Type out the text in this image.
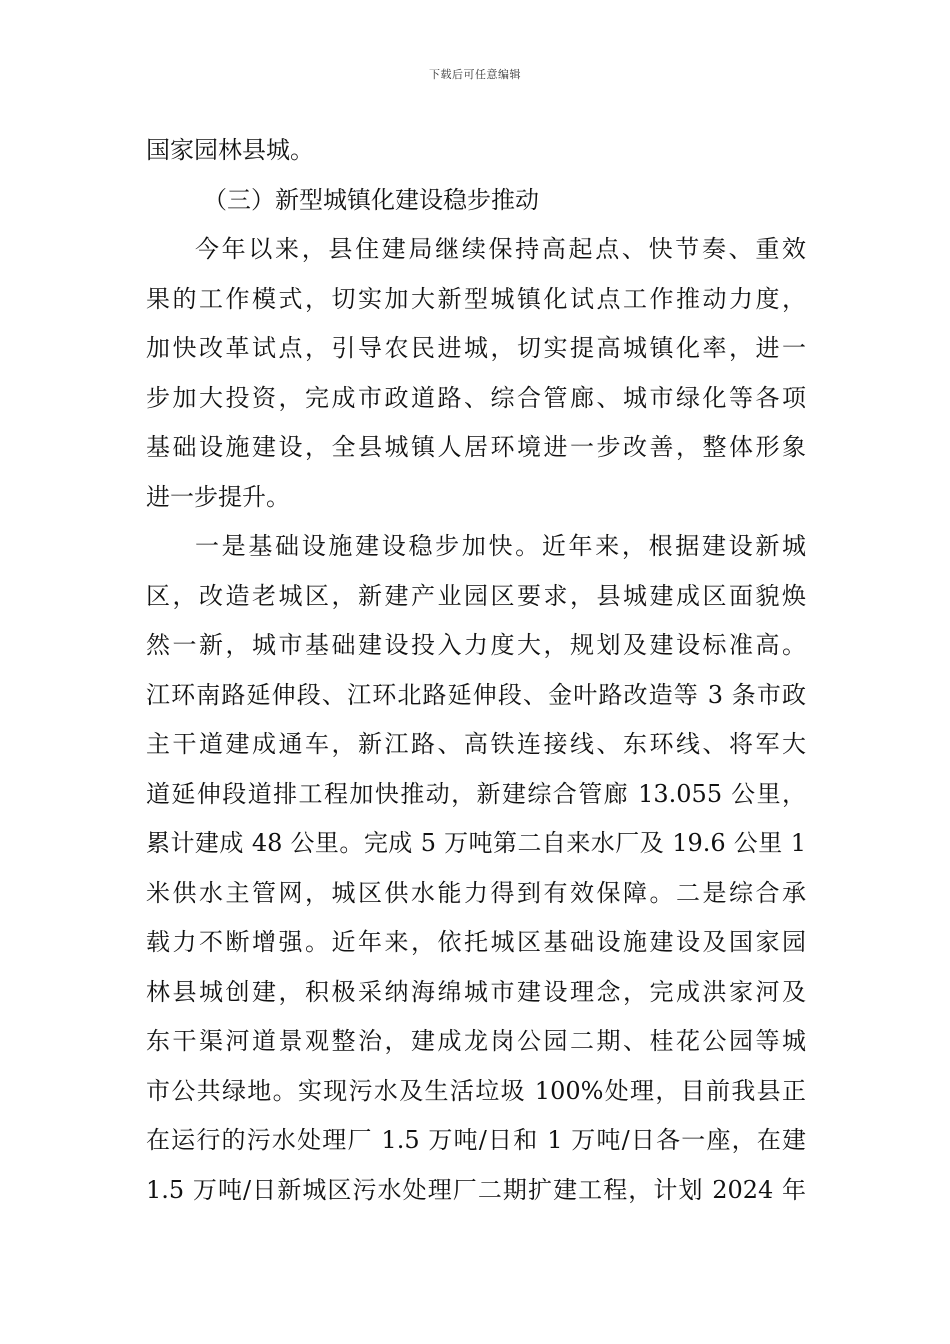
下载后可任意编辑
国家园林县城。
（三）新型城镇化建设稳步推动
今年以来，县住建局继续保持高起点、快节奏、重效
果的工作模式，切实加大新型城镇化试点工作推动力度，
加快改革试点，引导农民进城，切实提高城镇化率，进一
步加大投资，完成市政道路、综合管廊、城市绿化等各项
基础设施建设，全县城镇人居环境进一步改善，整体形象
进一步提升。
一是基础设施建设稳步加快。近年来，根据建设新城
区，改造老城区，新建产业园区要求，县城建成区面貌焕
然一新，城市基础建设投入力度大，规划及建设标准高。
江环南路延伸段、江环北路延伸段、金叶路改造等 3 条市政
主干道建成通车，新江路、高铁连接线、东环线、将军大
道延伸段道排工程加快推动，新建综合管廊 13.055 公里，
累计建成 48 公里。完成 5 万吨第二自来水厂及 19.6 公里 1
米供水主管网，城区供水能力得到有效保障。二是综合承
载力不断增强。近年来，依托城区基础设施建设及国家园
林县城创建，积极采纳海绵城市建设理念，完成洪家河及
东干渠河道景观整治，建成龙岗公园二期、桂花公园等城
市公共绿地。实现污水及生活垃圾 100%处理，目前我县正
在运行的污水处理厂 1.5 万吨/日和 1 万吨/日各一座，在建
1.5 万吨/日新城区污水处理厂二期扩建工程，计划 2024 年
